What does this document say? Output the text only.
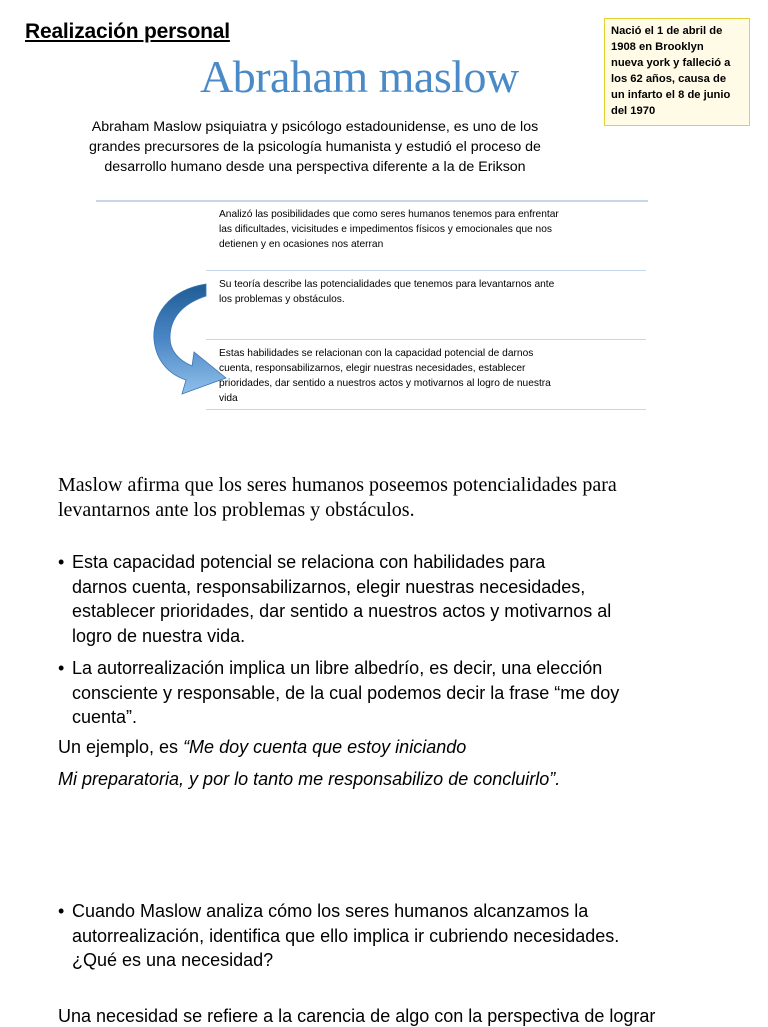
Realización personal
Abraham maslow
Nació el 1 de abril de
1908 en Brooklyn
nueva york y falleció a
los 62 años, causa de
un infarto el 8 de junio
del 1970
Abraham Maslow psiquiatra y psicólogo estadounidense, es uno de los
grandes precursores de la psicología humanista y estudió el proceso de
desarrollo humano desde una perspectiva diferente a la de Erikson
Analizó las posibilidades que como seres humanos tenemos para enfrentar
las dificultades, vicisitudes e impedimentos físicos y emocionales que nos
detienen y en ocasiones nos aterran
Su teoría describe las potencialidades que tenemos para levantarnos ante
los problemas y obstáculos.
Estas habilidades se relacionan con la capacidad potencial de darnos
cuenta, responsabilizarnos, elegir nuestras necesidades, establecer
prioridades, dar sentido a nuestros actos y motivarnos al logro de nuestra
vida
Maslow afirma que los seres humanos poseemos potencialidades para
levantarnos ante los problemas y obstáculos.
• Esta capacidad potencial se relaciona con habilidades para
darnos cuenta, responsabilizarnos, elegir nuestras necesidades,
establecer prioridades, dar sentido a nuestros actos y motivarnos al
logro de nuestra vida.
• La autorrealización implica un libre albedrío, es decir, una elección
consciente y responsable, de la cual podemos decir la frase “me doy
cuenta”.
Un ejemplo, es “Me doy cuenta que estoy iniciando
Mi preparatoria, y por lo tanto me responsabilizo de concluirlo”.
• Cuando Maslow analiza cómo los seres humanos alcanzamos la
autorrealización, identifica que ello implica ir cubriendo necesidades.
¿Qué es una necesidad?
Una necesidad se refiere a la carencia de algo con la perspectiva de lograr
